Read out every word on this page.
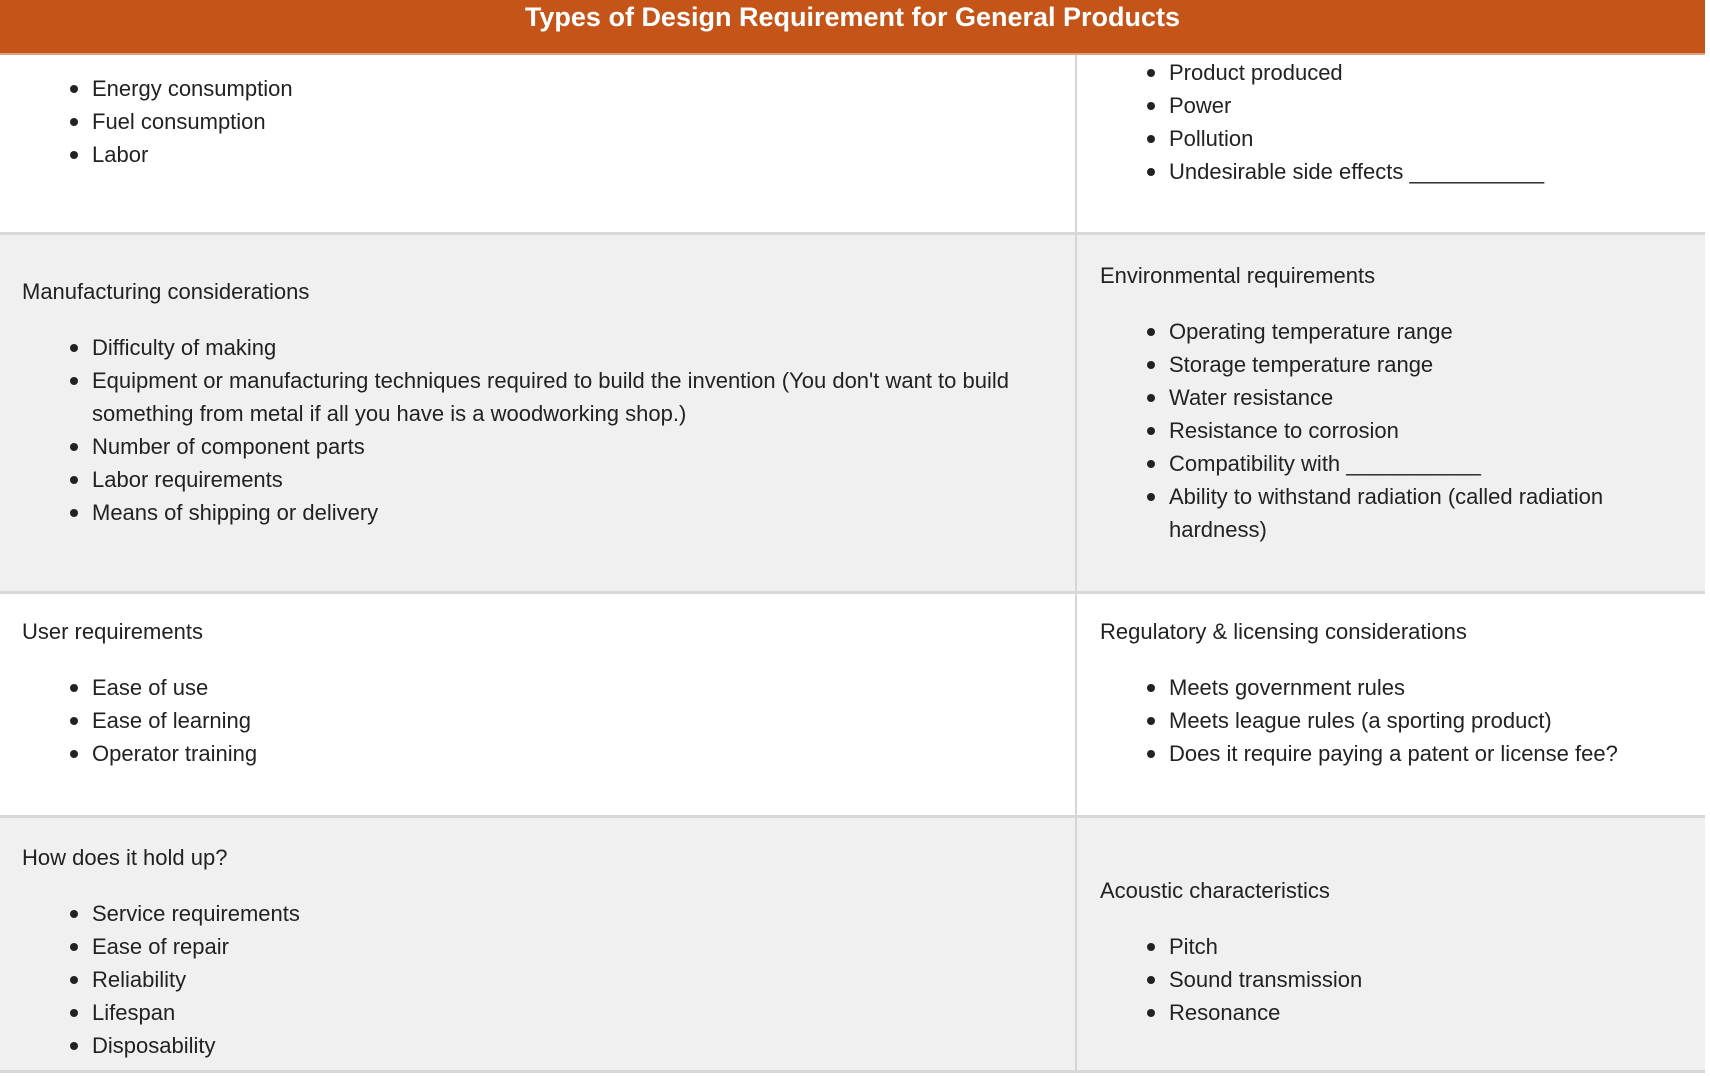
Types of Design Requirement for General Products
Energy consumption
Fuel consumption
Labor
Product produced
Power
Pollution
Undesirable side effects ___________
Manufacturing considerations
Difficulty of making
Equipment or manufacturing techniques required to build the invention (You don't want to build something from metal if all you have is a woodworking shop.)
Number of component parts
Labor requirements
Means of shipping or delivery
Environmental requirements
Operating temperature range
Storage temperature range
Water resistance
Resistance to corrosion
Compatibility with ___________
Ability to withstand radiation (called radiation hardness)
User requirements
Ease of use
Ease of learning
Operator training
Regulatory & licensing considerations
Meets government rules
Meets league rules (a sporting product)
Does it require paying a patent or license fee?
How does it hold up?
Service requirements
Ease of repair
Reliability
Lifespan
Disposability
Acoustic characteristics
Pitch
Sound transmission
Resonance
